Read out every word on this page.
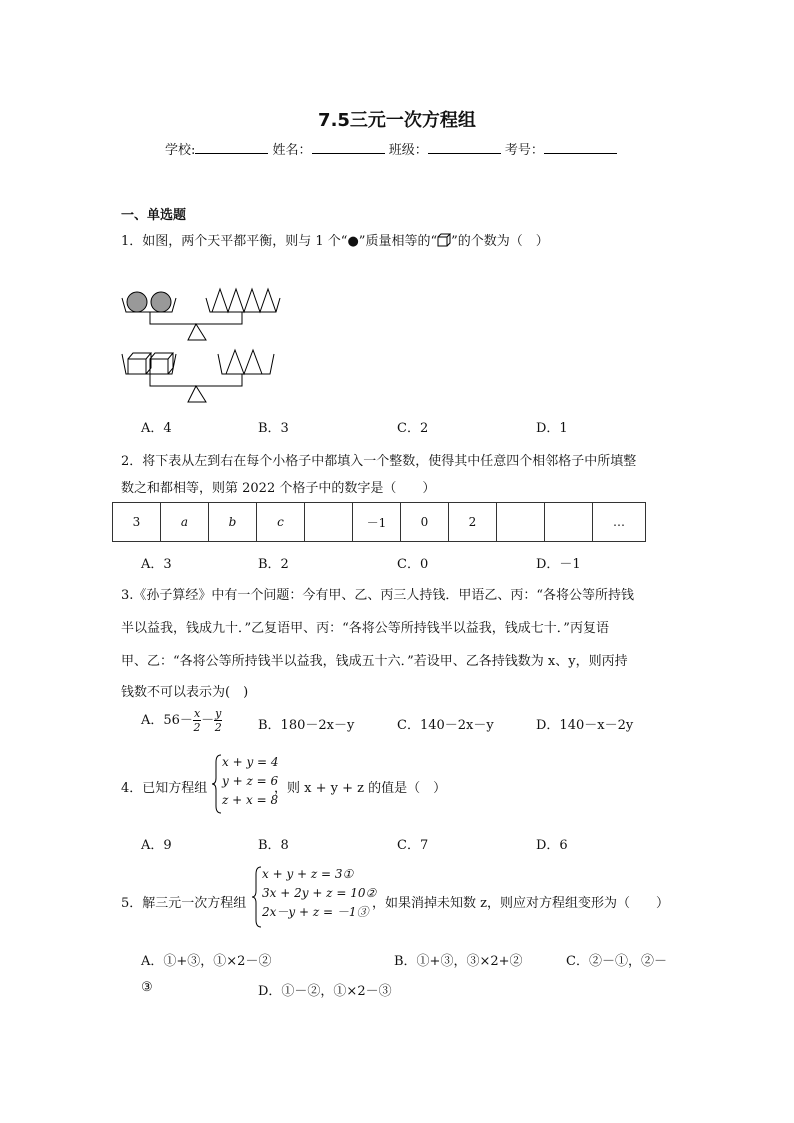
7.5三元一次方程组
学校:	姓名：	班级：	考号：
一、单选题
1．如图，两个天平都平衡，则与 1 个“●”质量相等的“ ”的个数为（　）
A．4	B．3	C．2	D．1
2．将下表从左到右在每个小格子中都填入一个整数，使得其中任意四个相邻格子中所填整
数之和都相等，则第 2022 个格子中的数字是（　　）
3	a	b	c		－1	0	2			…
A．3	B．2	C．0	D．－1
3.《孙子算经》中有一个问题：今有甲、乙、丙三人持钱．甲语乙、丙：“各将公等所持钱
半以益我，钱成九十．”乙复语甲、丙：“各将公等所持钱半以益我，钱成七十．”丙复语
甲、乙：“各将公等所持钱半以益我，钱成五十六．”若设甲、乙各持钱数为 x、y，则丙持
钱数不可以表示为(　)
A．$56- \frac{x}{2} - \frac{y}{2}$	B．180－2x－y	C．140－2x－y	D．140－x－2y
4．已知方程组
x + y = 4
y + z = 6
z + x = 8
，则 x + y + z 的值是（　）
A．9	B．8	C．7	D．6
5．解三元一次方程组
x + y + z = 3①
3x + 2y + z = 10②
2x－y + z = －1③
，如果消掉未知数 z，则应对方程组变形为（　　）
A．①+③，①×2－②	B．①+③，③×2+②	C．②－①，②－
③	D．①－②，①×2－③
